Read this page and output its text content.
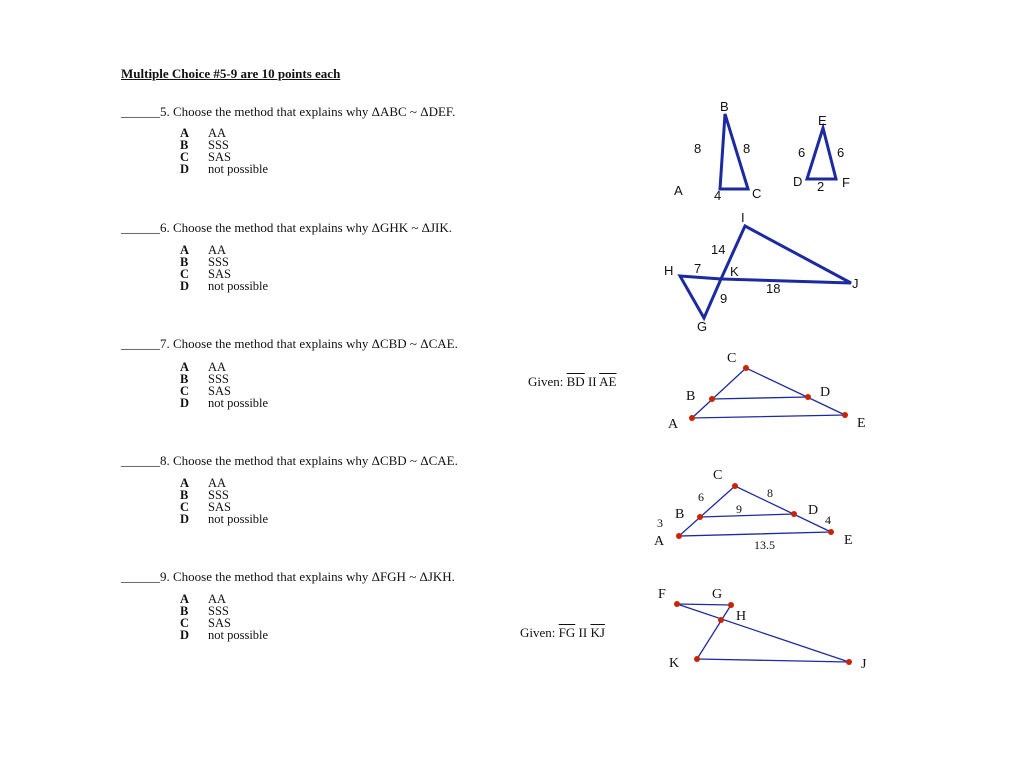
Multiple Choice #5-9 are 10 points each
______5. Choose the method that explains why ΔABC ~ ΔDEF.
A AA
B SSS
C SAS
D not possible
______6. Choose the method that explains why ΔGHK ~ ΔJIK.
A AA
B SSS
C SAS
D not possible
______7. Choose the method that explains why ΔCBD ~ ΔCAE.
A AA
B SSS
C SAS
D not possible
Given: $\overline{BD}$ II $\overline{AE}$
______8. Choose the method that explains why ΔCBD ~ ΔCAE.
A AA
B SSS
C SAS
D not possible
______9. Choose the method that explains why ΔFGH ~ ΔJKH.
A AA
B SSS
C SAS
D not possible	Given: $\overline{FG}$ II $\overline{KJ}$
B
A	C
8	8
4
E
D	F
6 6
2
I
H	K
J
G
14
7
18
9
C
B	D
A	E
C
B	D
A	E
6	8
9
3	4
13.5
F	G
H
K	J
